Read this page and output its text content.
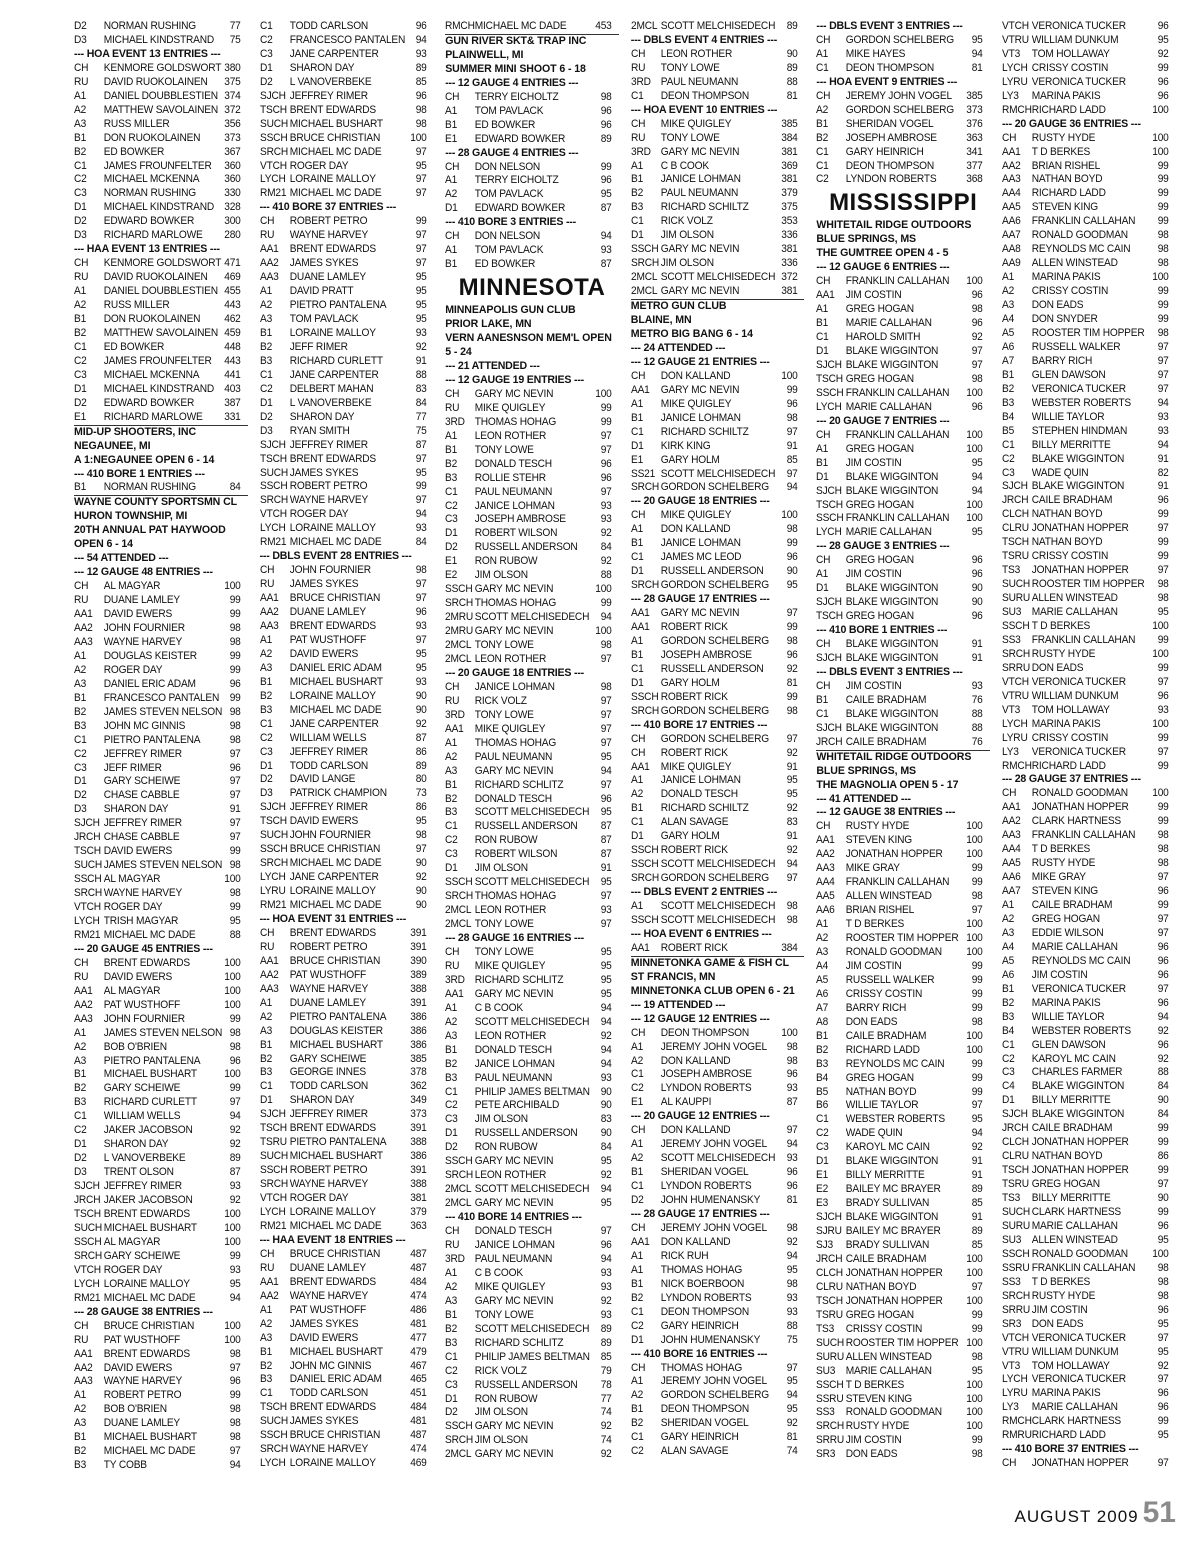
D2	NORMAN RUSHING	77
D3	MICHAEL KINDSTRAND	75
--- HOA EVENT 13 ENTRIES ---
CH	KENMORE GOLDSWORT 380
RU	DAVID RUOKOLAINEN	375
A1	DANIEL DOUBBLESTIEN 374
A2	MATTHEW SAVOLAINEN 372
A3	RUSS MILLER	356
B1	DON RUOKOLAINEN	373
B2	ED BOWKER	367
C1	JAMES FROUNFELTER	360
C2	MICHAEL MCKENNA	360
C3	NORMAN RUSHING	330
D1	MICHAEL KINDSTRAND 328
D2	EDWARD BOWKER	300
D3	RICHARD MARLOWE	280
--- HAA EVENT 13 ENTRIES ---
CH	KENMORE GOLDSWORT 471
RU	DAVID RUOKOLAINEN	469
A1	DANIEL DOUBBLESTIEN 455
A2	RUSS MILLER	443
B1	DON RUOKOLAINEN	462
B2	MATTHEW SAVOLAINEN 459
C1	ED BOWKER	448
C2	JAMES FROUNFELTER	443
C3	MICHAEL MCKENNA	441
D1	MICHAEL KINDSTRAND 403
D2	EDWARD BOWKER	387
E1	RICHARD MARLOWE	331
MID-UP SHOOTERS, INC
NEGAUNEE, MI
A 1:NEGAUNEE OPEN 6 - 14
--- 410 BORE 1 ENTRIES ---
B1	NORMAN RUSHING	84
WAYNE COUNTY SPORTSMN CL
HURON TOWNSHIP, MI
20TH ANNUAL PAT HAYWOOD
OPEN 6 - 14
--- 54 ATTENDED ---
--- 12 GAUGE 48 ENTRIES ---
CH	AL MAGYAR	100
RU	DUANE LAMLEY	99
AA1	DAVID EWERS	99
AA2	JOHN FOURNIER	98
AA3	WAYNE HARVEY	98
A1	DOUGLAS KEISTER	99
A2	ROGER DAY	99
A3	DANIEL ERIC ADAM	96
B1	FRANCESCO PANTALEN 99
B2	JAMES STEVEN NELSON 98
B3	JOHN MC GINNIS	98
C1	PIETRO PANTALENA	98
C2	JEFFREY RIMER	97
C3	JEFF RIMER	96
D1	GARY SCHEIWE	97
D2	CHASE CABBLE	97
D3	SHARON DAY	91
SJCH JEFFREY RIMER	97
JRCH CHASE CABBLE	97
TSCH DAVID EWERS	99
SUCH JAMES STEVEN NELSON 98
SSCH AL MAGYAR	100
SRCH WAYNE HARVEY	98
VTCH ROGER DAY	99
LYCH TRISH MAGYAR	95
RM21 MICHAEL MC DADE	88
--- 20 GAUGE 45 ENTRIES ---
CH	BRENT EDWARDS	100
RU	DAVID EWERS	100
AA1	AL MAGYAR	100
AA2	PAT WUSTHOFF	100
AA3	JOHN FOURNIER	99
A1	JAMES STEVEN NELSON 98
A2	BOB O'BRIEN	98
A3	PIETRO PANTALENA	96
B1	MICHAEL BUSHART	100
B2	GARY SCHEIWE	99
B3	RICHARD CURLETT	97
C1	WILLIAM WELLS	94
C2	JAKER JACOBSON	92
D1	SHARON DAY	92
D2	L VANOVERBEKE	89
D3	TRENT OLSON	87
SJCH JEFFREY RIMER	93
JRCH JAKER JACOBSON	92
TSCH BRENT EDWARDS	100
SUCH MICHAEL BUSHART	100
SSCH AL MAGYAR	100
SRCH GARY SCHEIWE	99
VTCH ROGER DAY	93
LYCH LORAINE MALLOY	95
RM21 MICHAEL MC DADE	94
--- 28 GAUGE 38 ENTRIES ---
CH	BRUCE CHRISTIAN	100
RU	PAT WUSTHOFF	100
AA1	BRENT EDWARDS	98
AA2	DAVID EWERS	97
AA3	WAYNE HARVEY	96
A1	ROBERT PETRO	99
A2	BOB O'BRIEN	98
A3	DUANE LAMLEY	98
B1	MICHAEL BUSHART	98
B2	MICHAEL MC DADE	97
B3	TY COBB	94
C1	TODD CARLSON	96
C2	FRANCESCO PANTALEN 94
C3	JANE CARPENTER	93
D1	SHARON DAY	89
D2	L VANOVERBEKE	85
SJCH JEFFREY RIMER	96
TSCH BRENT EDWARDS	98
SUCH MICHAEL BUSHART	98
SSCH BRUCE CHRISTIAN	100
SRCH MICHAEL MC DADE	97
VTCH ROGER DAY	95
LYCH LORAINE MALLOY	97
RM21 MICHAEL MC DADE	97
--- 410 BORE 37 ENTRIES ---
CH	ROBERT PETRO	99
RU	WAYNE HARVEY	97
AA1	BRENT EDWARDS	97
AA2	JAMES SYKES	97
AA3	DUANE LAMLEY	95
A1	DAVID PRATT	95
A2	PIETRO PANTALENA	95
A3	TOM PAVLACK	95
B1	LORAINE MALLOY	93
B2	JEFF RIMER	92
B3	RICHARD CURLETT	91
C1	JANE CARPENTER	88
C2	DELBERT MAHAN	83
D1	L VANOVERBEKE	84
D2	SHARON DAY	77
D3	RYAN SMITH	75
SJCH JEFFREY RIMER	87
TSCH BRENT EDWARDS	97
SUCH JAMES SYKES	95
SSCH ROBERT PETRO	99
SRCH WAYNE HARVEY	97
VTCH ROGER DAY	94
LYCH LORAINE MALLOY	93
RM21 MICHAEL MC DADE	84
--- DBLS EVENT 28 ENTRIES ---
CH	JOHN FOURNIER	98
RU	JAMES SYKES	97
AA1	BRUCE CHRISTIAN	97
AA2	DUANE LAMLEY	96
AA3	BRENT EDWARDS	93
A1	PAT WUSTHOFF	97
A2	DAVID EWERS	95
A3	DANIEL ERIC ADAM	95
B1	MICHAEL BUSHART	93
B2	LORAINE MALLOY	90
B3	MICHAEL MC DADE	90
C1	JANE CARPENTER	92
C2	WILLIAM WELLS	87
C3	JEFFREY RIMER	86
D1	TODD CARLSON	89
D2	DAVID LANGE	80
D3	PATRICK CHAMPION	73
SJCH JEFFREY RIMER	86
TSCH DAVID EWERS	95
SUCH JOHN FOURNIER	98
SSCH BRUCE CHRISTIAN	97
SRCH MICHAEL MC DADE	90
LYCH JANE CARPENTER	92
LYRU LORAINE MALLOY	90
RM21 MICHAEL MC DADE	90
--- HOA EVENT 31 ENTRIES ---
CH	BRENT EDWARDS	391
RU	ROBERT PETRO	391
AA1	BRUCE CHRISTIAN	390
AA2	PAT WUSTHOFF	389
AA3	WAYNE HARVEY	388
A1	DUANE LAMLEY	391
A2	PIETRO PANTALENA	386
A3	DOUGLAS KEISTER	386
B1	MICHAEL BUSHART	386
B2	GARY SCHEIWE	385
B3	GEORGE INNES	378
C1	TODD CARLSON	362
D1	SHARON DAY	349
SJCH JEFFREY RIMER	373
TSCH BRENT EDWARDS	391
TSRU PIETRO PANTALENA	388
SUCH MICHAEL BUSHART	386
SSCH ROBERT PETRO	391
SRCH WAYNE HARVEY	388
VTCH ROGER DAY	381
LYCH LORAINE MALLOY	379
RM21 MICHAEL MC DADE	363
--- HAA EVENT 18 ENTRIES ---
CH	BRUCE CHRISTIAN	487
RU	DUANE LAMLEY	487
AA1	BRENT EDWARDS	484
AA2	WAYNE HARVEY	474
A1	PAT WUSTHOFF	486
A2	JAMES SYKES	481
A3	DAVID EWERS	477
B1	MICHAEL BUSHART	479
B2	JOHN MC GINNIS	467
B3	DANIEL ERIC ADAM	465
C1	TODD CARLSON	451
TSCH BRENT EDWARDS	484
SUCH JAMES SYKES	481
SSCH BRUCE CHRISTIAN	487
SRCH WAYNE HARVEY	474
LYCH LORAINE MALLOY	469
RMCH MICHAEL MC DADE	453
GUN RIVER SKT& TRAP INC
PLAINWELL, MI
SUMMER MINI SHOOT 6 - 18
--- 12 GAUGE 4 ENTRIES ---
CH	TERRY EICHOLTZ	98
A1	TOM PAVLACK	96
B1	ED BOWKER	96
E1	EDWARD BOWKER	89
--- 28 GAUGE 4 ENTRIES ---
CH	DON NELSON	99
A1	TERRY EICHOLTZ	96
A2	TOM PAVLACK	95
D1	EDWARD BOWKER	87
--- 410 BORE 3 ENTRIES ---
CH	DON NELSON	94
A1	TOM PAVLACK	93
B1	ED BOWKER	87
MINNESOTA
MINNEAPOLIS GUN CLUB
PRIOR LAKE, MN
VERN AANESNSON MEM'L OPEN
5 - 24
--- 21 ATTENDED ---
--- 12 GAUGE 19 ENTRIES ---
CH	GARY MC NEVIN	100
RU	MIKE QUIGLEY	99
3RD THOMAS HOHAG	99
A1	LEON ROTHER	97
B1	TONY LOWE	97
B2	DONALD TESCH	96
B3	ROLLIE STEHR	96
C1	PAUL NEUMANN	97
C2	JANICE LOHMAN	93
C3	JOSEPH AMBROSE	93
D1	ROBERT WILSON	92
D2	RUSSELL ANDERSON	84
E1	RON RUBOW	92
E2	JIM OLSON	88
SSCH GARY MC NEVIN	100
SRCH THOMAS HOHAG	99
2MRU SCOTT MELCHISEDECH	94
2MRU GARY MC NEVIN	100
2MCL TONY LOWE	98
2MCL LEON ROTHER	97
--- 20 GAUGE 18 ENTRIES ---
CH	JANICE LOHMAN	98
RU	RICK VOLZ	97
3RD TONY LOWE	97
AA1	MIKE QUIGLEY	97
A1	THOMAS HOHAG	97
A2	PAUL NEUMANN	95
A3	GARY MC NEVIN	94
B1	RICHARD SCHLITZ	97
B2	DONALD TESCH	96
B3	SCOTT MELCHISEDECH	95
C1	RUSSELL ANDERSON	87
C2	RON RUBOW	87
C3	ROBERT WILSON	87
D1	JIM OLSON	91
SSCH SCOTT MELCHISEDECH	95
SRCH THOMAS HOHAG	97
2MCL LEON ROTHER	93
2MCL TONY LOWE	97
--- 28 GAUGE 16 ENTRIES ---
CH	TONY LOWE	95
RU	MIKE QUIGLEY	95
3RD RICHARD SCHLITZ	95
AA1	GARY MC NEVIN	95
A1	C B COOK	94
A2	SCOTT MELCHISEDECH	94
A3	LEON ROTHER	92
B1	DONALD TESCH	94
B2	JANICE LOHMAN	94
B3	PAUL NEUMANN	93
C1	PHILIP JAMES BELTMAN	90
C2	PETE ARCHIBALD	90
C3	JIM OLSON	83
D1	RUSSELL ANDERSON	90
D2	RON RUBOW	84
SSCH GARY MC NEVIN	95
SRCH LEON ROTHER	92
2MCL SCOTT MELCHISEDECH	94
2MCL GARY MC NEVIN	95
--- 410 BORE 14 ENTRIES ---
CH	DONALD TESCH	97
RU	JANICE LOHMAN	96
3RD PAUL NEUMANN	94
A1	C B COOK	93
A2	MIKE QUIGLEY	93
A3	GARY MC NEVIN	92
B1	TONY LOWE	93
B2	SCOTT MELCHISEDECH	89
B3	RICHARD SCHLITZ	89
C1	PHILIP JAMES BELTMAN	85
C2	RICK VOLZ	79
C3	RUSSELL ANDERSON	78
D1	RON RUBOW	77
D2	JIM OLSON	74
SSCH GARY MC NEVIN	92
SRCH JIM OLSON	74
2MCL GARY MC NEVIN	92
2MCL SCOTT MELCHISEDECH	89
--- DBLS EVENT 4 ENTRIES ---
CH	LEON ROTHER	90
RU	TONY LOWE	89
3RD PAUL NEUMANN	88
C1	DEON THOMPSON	81
--- HOA EVENT 10 ENTRIES ---
CH	MIKE QUIGLEY	385
RU	TONY LOWE	384
3RD GARY MC NEVIN	381
A1	C B COOK	369
B1	JANICE LOHMAN	381
B2	PAUL NEUMANN	379
B3	RICHARD SCHILTZ	375
C1	RICK VOLZ	353
D1	JIM OLSON	336
SSCH GARY MC NEVIN	381
SRCH JIM OLSON	336
2MCL SCOTT MELCHISEDECH 372
2MCL GARY MC NEVIN	381
METRO GUN CLUB
BLAINE, MN
METRO BIG BANG 6 - 14
--- 24 ATTENDED ---
--- 12 GAUGE 21 ENTRIES ---
CH	DON KALLAND	100
AA1	GARY MC NEVIN	99
A1	MIKE QUIGLEY	96
B1	JANICE LOHMAN	98
C1	RICHARD SCHILTZ	97
D1	KIRK KING	91
E1	GARY HOLM	85
SS21 SCOTT MELCHISEDECH	97
SRCH GORDON SCHELBERG	94
--- 20 GAUGE 18 ENTRIES ---
CH	MIKE QUIGLEY	100
A1	DON KALLAND	98
B1	JANICE LOHMAN	99
C1	JAMES MC LEOD	96
D1	RUSSELL ANDERSON	90
SRCH GORDON SCHELBERG	95
--- 28 GAUGE 17 ENTRIES ---
AA1	GARY MC NEVIN	97
AA1	ROBERT RICK	99
A1	GORDON SCHELBERG	98
B1	JOSEPH AMBROSE	96
C1	RUSSELL ANDERSON	92
D1	GARY HOLM	81
SSCH ROBERT RICK	99
SRCH GORDON SCHELBERG	98
--- 410 BORE 17 ENTRIES ---
CH	GORDON SCHELBERG	97
CH	ROBERT RICK	92
AA1	MIKE QUIGLEY	91
A1	JANICE LOHMAN	95
A2	DONALD TESCH	95
B1	RICHARD SCHILTZ	92
C1	ALAN SAVAGE	83
D1	GARY HOLM	91
SSCH ROBERT RICK	92
SSCH SCOTT MELCHISEDECH	94
SRCH GORDON SCHELBERG	97
--- DBLS EVENT 2 ENTRIES ---
A1	SCOTT MELCHISEDECH	98
SSCH SCOTT MELCHISEDECH	98
--- HOA EVENT 6 ENTRIES ---
AA1	ROBERT RICK	384
MINNETONKA GAME & FISH CL
ST FRANCIS, MN
MINNETONKA CLUB OPEN 6 - 21
--- 19 ATTENDED ---
--- 12 GAUGE 12 ENTRIES ---
CH	DEON THOMPSON	100
A1	JEREMY JOHN VOGEL	98
A2	DON KALLAND	98
C1	JOSEPH AMBROSE	96
C2	LYNDON ROBERTS	93
E1	AL KAUPPI	87
--- 20 GAUGE 12 ENTRIES ---
CH	DON KALLAND	97
A1	JEREMY JOHN VOGEL	94
A2	SCOTT MELCHISEDECH	93
B1	SHERIDAN VOGEL	96
C1	LYNDON ROBERTS	96
D2	JOHN HUMENANSKY	81
--- 28 GAUGE 17 ENTRIES ---
CH	JEREMY JOHN VOGEL	98
AA1	DON KALLAND	92
A1	RICK RUH	94
A1	THOMAS HOHAG	95
B1	NICK BOERBOON	98
B2	LYNDON ROBERTS	93
C1	DEON THOMPSON	93
C2	GARY HEINRICH	88
D1	JOHN HUMENANSKY	75
--- 410 BORE 16 ENTRIES ---
CH	THOMAS HOHAG	97
A1	JEREMY JOHN VOGEL	95
A2	GORDON SCHELBERG	94
B1	DEON THOMPSON	95
B2	SHERIDAN VOGEL	92
C1	GARY HEINRICH	81
C2	ALAN SAVAGE	74
--- DBLS EVENT 3 ENTRIES ---
CH	GORDON SCHELBERG	95
A1	MIKE HAYES	94
C1	DEON THOMPSON	81
--- HOA EVENT 9 ENTRIES ---
CH	JEREMY JOHN VOGEL	385
A2	GORDON SCHELBERG	373
B1	SHERIDAN VOGEL	376
B2	JOSEPH AMBROSE	363
C1	GARY HEINRICH	341
C1	DEON THOMPSON	377
C2	LYNDON ROBERTS	368
MISSISSIPPI
WHITETAIL RIDGE OUTDOORS
BLUE SPRINGS, MS
THE GUMTREE OPEN 4 - 5
--- 12 GAUGE 6 ENTRIES ---
CH	FRANKLIN CALLAHAN	100
AA1	JIM COSTIN	96
A1	GREG HOGAN	98
B1	MARIE CALLAHAN	96
C1	HAROLD SMITH	92
D1	BLAKE WIGGINTON	97
SJCH BLAKE WIGGINTON	97
TSCH GREG HOGAN	98
SSCH FRANKLIN CALLAHAN	100
LYCH MARIE CALLAHAN	96
--- 20 GAUGE 7 ENTRIES ---
CH	FRANKLIN CALLAHAN	100
A1	GREG HOGAN	100
B1	JIM COSTIN	95
D1	BLAKE WIGGINTON	94
SJCH BLAKE WIGGINTON	94
TSCH GREG HOGAN	100
SSCH FRANKLIN CALLAHAN	100
LYCH MARIE CALLAHAN	95
--- 28 GAUGE 3 ENTRIES ---
CH	GREG HOGAN	96
A1	JIM COSTIN	96
D1	BLAKE WIGGINTON	90
SJCH BLAKE WIGGINTON	90
TSCH GREG HOGAN	96
--- 410 BORE 1 ENTRIES ---
CH	BLAKE WIGGINTON	91
SJCH BLAKE WIGGINTON	91
--- DBLS EVENT 3 ENTRIES ---
CH	JIM COSTIN	93
B1	CAILE BRADHAM	76
C1	BLAKE WIGGINTON	88
SJCH BLAKE WIGGINTON	88
JRCH CAILE BRADHAM	76
WHITETAIL RIDGE OUTDOORS
BLUE SPRINGS, MS
THE MAGNOLIA OPEN 5 - 17
--- 41 ATTENDED ---
--- 12 GAUGE 38 ENTRIES ---
CH	RUSTY HYDE	100
AA1	STEVEN KING	100
AA2	JONATHAN HOPPER	100
AA3	MIKE GRAY	99
AA4	FRANKLIN CALLAHAN	99
AA5	ALLEN WINSTEAD	98
AA6	BRIAN RISHEL	97
A1	T D BERKES	100
A2	ROOSTER TIM HOPPER 100
A3	RONALD GOODMAN	100
A4	JIM COSTIN	99
A5	RUSSELL WALKER	99
A6	CRISSY COSTIN	99
A7	BARRY RICH	99
A8	DON EADS	98
B1	CAILE BRADHAM	100
B2	RICHARD LADD	100
B3	REYNOLDS MC CAIN	99
B4	GREG HOGAN	99
B5	NATHAN BOYD	99
B6	WILLIE TAYLOR	97
C1	WEBSTER ROBERTS	95
C2	WADE QUIN	94
C3	KAROYL MC CAIN	92
D1	BLAKE WIGGINTON	91
E1	BILLY MERRITTE	91
E2	BAILEY MC BRAYER	89
E3	BRADY SULLIVAN	85
SJCH BLAKE WIGGINTON	91
SJRU BAILEY MC BRAYER	89
SJ3	BRADY SULLIVAN	85
JRCH CAILE BRADHAM	100
CLCH JONATHAN HOPPER	100
CLRU NATHAN BOYD	97
TSCH JONATHAN HOPPER	100
TSRU GREG HOGAN	99
TS3	CRISSY COSTIN	99
SUCH ROOSTER TIM HOPPER 100
SURU ALLEN WINSTEAD	98
SU3 MARIE CALLAHAN	95
SSCH T D BERKES	100
SSRU STEVEN KING	100
SS3	RONALD GOODMAN	100
SRCH RUSTY HYDE	100
SRRU JIM COSTIN	99
SR3 DON EADS	98
VTCH VERONICA TUCKER	96
VTRU WILLIAM DUNKUM	95
VT3	TOM HOLLAWAY	92
LYCH CRISSY COSTIN	99
LYRU VERONICA TUCKER	96
LY3	MARINA PAKIS	96
RMCH RICHARD LADD	100
--- 20 GAUGE 36 ENTRIES ---
CH	RUSTY HYDE	100
AA1	T D BERKES	100
AA2	BRIAN RISHEL	99
AA3	NATHAN BOYD	99
AA4	RICHARD LADD	99
AA5	STEVEN KING	99
AA6	FRANKLIN CALLAHAN	99
AA7	RONALD GOODMAN	98
AA8	REYNOLDS MC CAIN	98
AA9	ALLEN WINSTEAD	98
A1	MARINA PAKIS	100
A2	CRISSY COSTIN	99
A3	DON EADS	99
A4	DON SNYDER	99
A5	ROOSTER TIM HOPPER	98
A6	RUSSELL WALKER	97
A7	BARRY RICH	97
B1	GLEN DAWSON	97
B2	VERONICA TUCKER	97
B3	WEBSTER ROBERTS	94
B4	WILLIE TAYLOR	93
B5	STEPHEN HINDMAN	93
C1	BILLY MERRITTE	94
C2	BLAKE WIGGINTON	91
C3	WADE QUIN	82
SJCH BLAKE WIGGINTON	91
JRCH CAILE BRADHAM	96
CLCH NATHAN BOYD	99
CLRU JONATHAN HOPPER	97
TSCH NATHAN BOYD	99
TSRU CRISSY COSTIN	99
TS3	JONATHAN HOPPER	97
SUCH ROOSTER TIM HOPPER	98
SURU ALLEN WINSTEAD	98
SU3 MARIE CALLAHAN	95
SSCH T D BERKES	100
SS3	FRANKLIN CALLAHAN	99
SRCH RUSTY HYDE	100
SRRU DON EADS	99
VTCH VERONICA TUCKER	97
VTRU WILLIAM DUNKUM	96
VT3	TOM HOLLAWAY	93
LYCH MARINA PAKIS	100
LYRU CRISSY COSTIN	99
LY3	VERONICA TUCKER	97
RMCH RICHARD LADD	99
--- 28 GAUGE 37 ENTRIES ---
CH	RONALD GOODMAN	100
AA1	JONATHAN HOPPER	99
AA2	CLARK HARTNESS	99
AA3	FRANKLIN CALLAHAN	98
AA4	T D BERKES	98
AA5	RUSTY HYDE	98
AA6	MIKE GRAY	97
AA7	STEVEN KING	96
A1	CAILE BRADHAM	99
A2	GREG HOGAN	97
A3	EDDIE WILSON	97
A4	MARIE CALLAHAN	96
A5	REYNOLDS MC CAIN	96
A6	JIM COSTIN	96
B1	VERONICA TUCKER	97
B2	MARINA PAKIS	96
B3	WILLIE TAYLOR	94
B4	WEBSTER ROBERTS	92
C1	GLEN DAWSON	96
C2	KAROYL MC CAIN	92
C3	CHARLES FARMER	88
C4	BLAKE WIGGINTON	84
D1	BILLY MERRITTE	90
SJCH BLAKE WIGGINTON	84
JRCH CAILE BRADHAM	99
CLCH JONATHAN HOPPER	99
CLRU NATHAN BOYD	86
TSCH JONATHAN HOPPER	99
TSRU GREG HOGAN	97
TS3	BILLY MERRITTE	90
SUCH CLARK HARTNESS	99
SURU MARIE CALLAHAN	96
SU3 ALLEN WINSTEAD	95
SSCH RONALD GOODMAN	100
SSRU FRANKLIN CALLAHAN	98
SS3	T D BERKES	98
SRCH RUSTY HYDE	98
SRRU JIM COSTIN	96
SR3 DON EADS	95
VTCH VERONICA TUCKER	97
VTRU WILLIAM DUNKUM	95
VT3	TOM HOLLAWAY	92
LYCH VERONICA TUCKER	97
LYRU MARINA PAKIS	96
LY3	MARIE CALLAHAN	96
RMCH CLARK HARTNESS	99
RMRU RICHARD LADD	95
--- 410 BORE 37 ENTRIES ---
CH	JONATHAN HOPPER	97
AUGUST 2009 51
